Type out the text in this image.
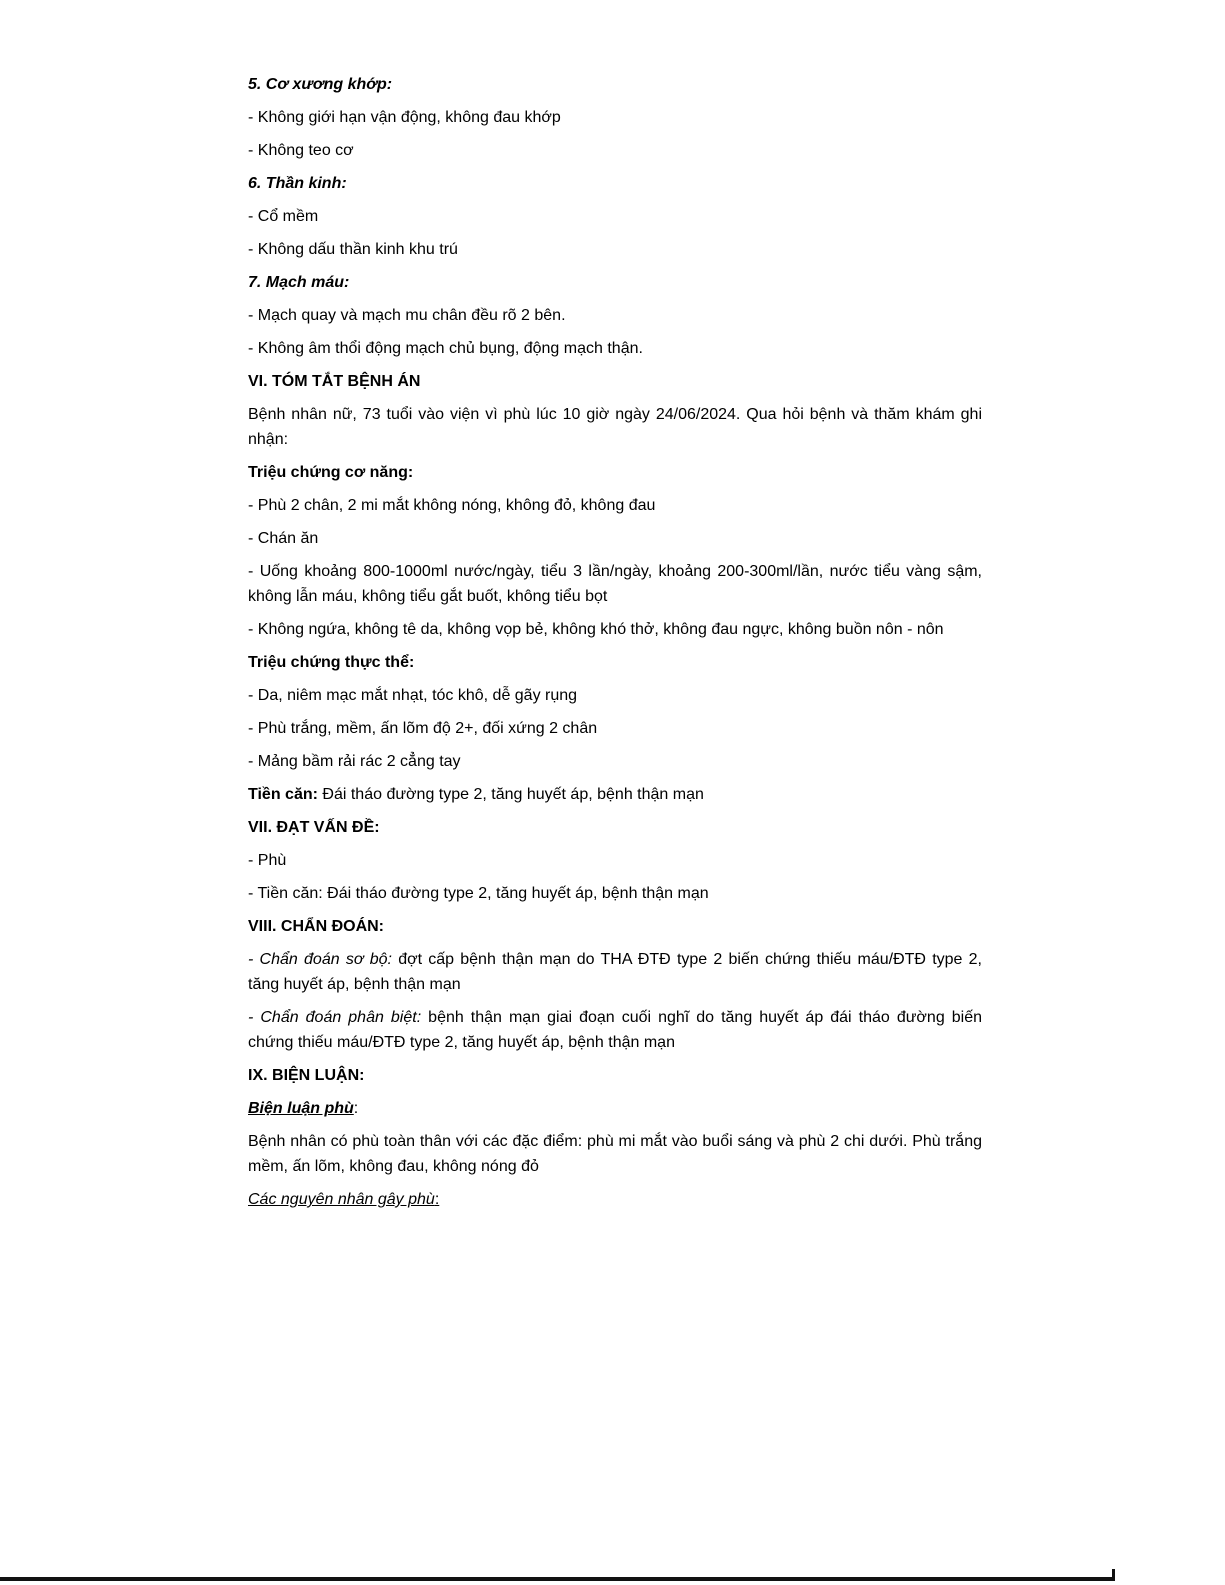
5. Cơ xương khớp:
- Không giới hạn vận động, không đau khớp
- Không teo cơ
6. Thần kinh:
- Cổ mềm
- Không dấu thần kinh khu trú
7. Mạch máu:
- Mạch quay và mạch mu chân đều rõ 2 bên.
- Không âm thổi động mạch chủ bụng, động mạch thận.
VI. TÓM TẮT BỆNH ÁN
Bệnh nhân nữ, 73 tuổi vào viện vì phù lúc 10 giờ ngày 24/06/2024. Qua hỏi bệnh và thăm khám ghi nhận:
Triệu chứng cơ năng:
- Phù 2 chân, 2 mi mắt không nóng, không đỏ, không đau
- Chán ăn
- Uống khoảng 800-1000ml nước/ngày, tiểu 3 lần/ngày, khoảng 200-300ml/lần, nước tiểu vàng sậm, không lẫn máu, không tiểu gắt buốt, không tiểu bọt
- Không ngứa, không tê da, không vọp bẻ, không khó thở, không đau ngực, không buồn nôn - nôn
Triệu chứng thực thể:
- Da, niêm mạc mắt nhạt, tóc khô, dễ gãy rụng
- Phù trắng, mềm, ấn lõm độ 2+, đối xứng 2 chân
- Mảng bầm rải rác 2 cẳng tay
Tiền căn: Đái tháo đường type 2, tăng huyết áp, bệnh thận mạn
VII. ĐẠT VẤN ĐỀ:
- Phù
- Tiền căn: Đái tháo đường type 2, tăng huyết áp, bệnh thận mạn
VIII. CHẨN ĐOÁN:
- Chẩn đoán sơ bộ: đợt cấp bệnh thận mạn do THA ĐTĐ type 2 biến chứng thiếu máu/ĐTĐ type 2, tăng huyết áp, bệnh thận mạn
- Chẩn đoán phân biệt: bệnh thận mạn giai đoạn cuối nghĩ do tăng huyết áp đái tháo đường biến chứng thiếu máu/ĐTĐ type 2, tăng huyết áp, bệnh thận mạn
IX. BIỆN LUẬN:
Biện luận phù:
Bệnh nhân có phù toàn thân với các đặc điểm: phù mi mắt vào buổi sáng và phù 2 chi dưới. Phù trắng mềm, ấn lõm, không đau, không nóng đỏ
Các nguyên nhân gây phù:
